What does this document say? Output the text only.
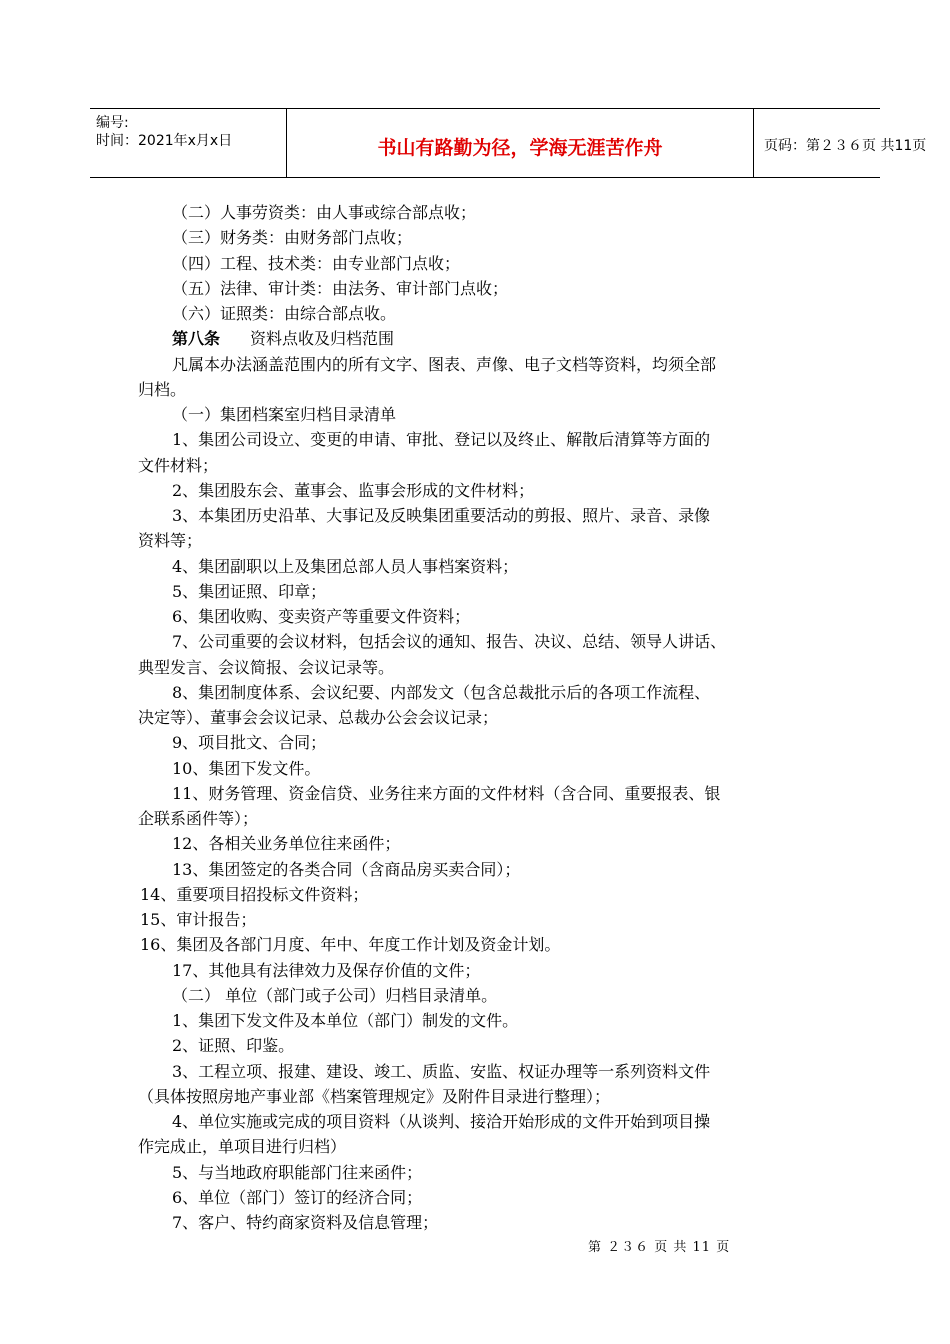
编号:
时间：2021年x月x日	书山有路勤为径，学海无涯苦作舟	页码：第２３６页 共11页
（二）人事劳资类：由人事或综合部点收；
（三）财务类：由财务部门点收；
（四）工程、技术类：由专业部门点收；
（五）法律、审计类：由法务、审计部门点收；
（六）证照类：由综合部点收。
第八条 资料点收及归档范围
凡属本办法涵盖范围内的所有文字、图表、声像、电子文档等资料，均须全部
归档。
（一）集团档案室归档目录清单
1、集团公司设立、变更的申请、审批、登记以及终止、解散后清算等方面的
文件材料；
2、集团股东会、董事会、监事会形成的文件材料；
3、本集团历史沿革、大事记及反映集团重要活动的剪报、照片、录音、录像
资料等；
4、集团副职以上及集团总部人员人事档案资料；
5、集团证照、印章；
6、集团收购、变卖资产等重要文件资料；
7、公司重要的会议材料，包括会议的通知、报告、决议、总结、领导人讲话、
典型发言、会议简报、会议记录等。
8、集团制度体系、会议纪要、内部发文（包含总裁批示后的各项工作流程、
决定等）、董事会会议记录、总裁办公会会议记录；
9、项目批文、合同；
10、集团下发文件。
11、财务管理、资金信贷、业务往来方面的文件材料（含合同、重要报表、银
企联系函件等）；
12、各相关业务单位往来函件；
13、集团签定的各类合同（含商品房买卖合同）；
14、重要项目招投标文件资料；
15、审计报告；
16、集团及各部门月度、年中、年度工作计划及资金计划。
17、其他具有法律效力及保存价值的文件；
（二） 单位（部门或子公司）归档目录清单。
1、集团下发文件及本单位（部门）制发的文件。
2、证照、印鉴。
3、工程立项、报建、建设、竣工、质监、安监、权证办理等一系列资料文件
（具体按照房地产事业部《档案管理规定》及附件目录进行整理）；
4、单位实施或完成的项目资料（从谈判、接洽开始形成的文件开始到项目操
作完成止，单项目进行归档）
5、与当地政府职能部门往来函件；
6、单位（部门）签订的经济合同；
7、客户、特约商家资料及信息管理；
第 ２３６ 页 共 11 页
